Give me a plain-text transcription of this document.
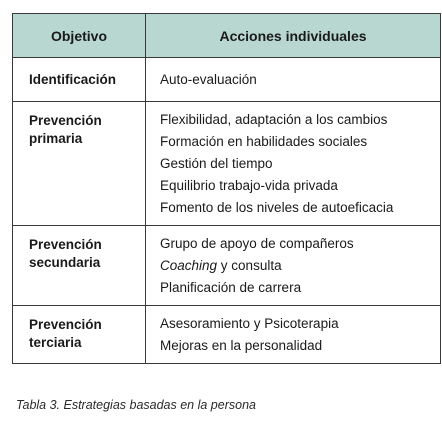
Objetivo	Acciones individuales
Identificación	Auto-evaluación

Prevención primaria	Flexibilidad, adaptación a los cambios
Formación en habilidades sociales
Gestión del tiempo
Equilibrio trabajo-vida privada
Fomento de los niveles de autoeficacia

Prevención secundaria	Grupo de apoyo de compañeros
Coaching y consulta
Planificación de carrera

Prevención terciaria	Asesoramiento y Psicoterapia
Mejoras en la personalidad
Tabla 3. Estrategias basadas en la persona
